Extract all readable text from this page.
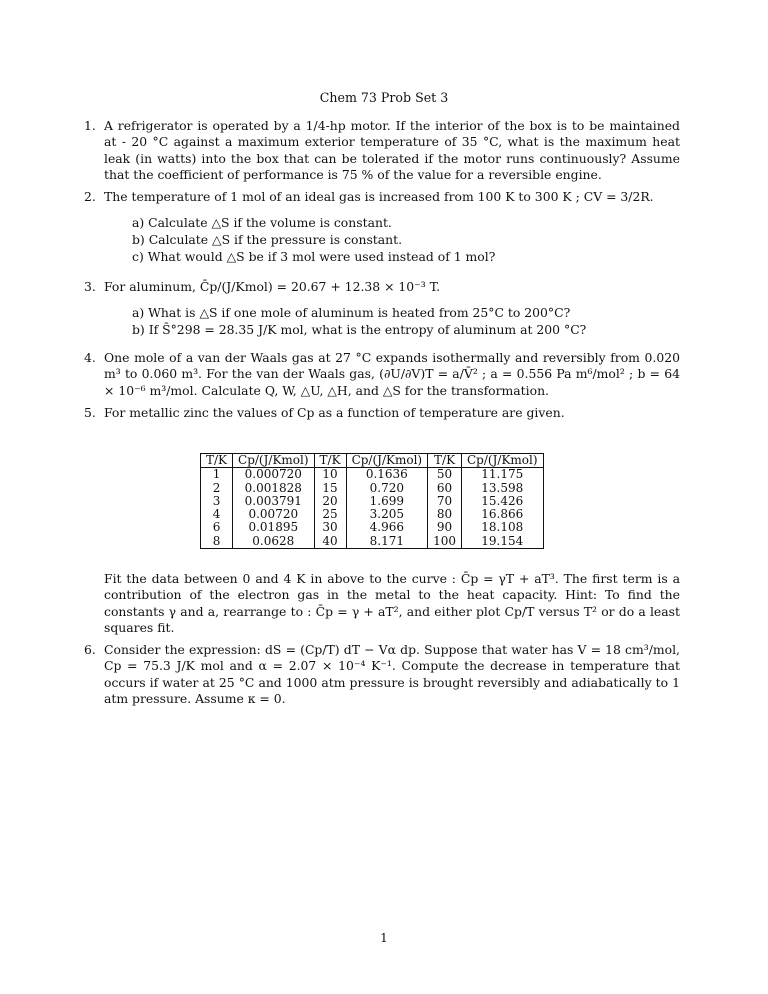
Chem 73 Prob Set 3
1. A refrigerator is operated by a 1/4-hp motor. If the interior of the box is to be maintained at - 20 °C against a maximum exterior temperature of 35 °C, what is the maximum heat leak (in watts) into the box that can be tolerated if the motor runs continuously? Assume that the coefficient of performance is 75 % of the value for a reversible engine.
2. The temperature of 1 mol of an ideal gas is increased from 100 K to 300 K ; CV = 3/2R.
a) Calculate △S if the volume is constant.
b) Calculate △S if the pressure is constant.
c) What would △S be if 3 mol were used instead of 1 mol?
3. For aluminum, C̄p/(J/Kmol) = 20.67 + 12.38 × 10⁻³ T.
a) What is △S if one mole of aluminum is heated from 25°C to 200°C?
b) If S̄°298 = 28.35 J/K mol, what is the entropy of aluminum at 200 °C?
4. One mole of a van der Waals gas at 27 °C expands isothermally and reversibly from 0.020 m³ to 0.060 m³. For the van der Waals gas, (∂U/∂V)T = a/V̄² ; a = 0.556 Pa m⁶/mol² ; b = 64 × 10⁻⁶ m³/mol. Calculate Q, W, △U, △H, and △S for the transformation.
5. For metallic zinc the values of Cp as a function of temperature are given.
T/K	Cp/(J/Kmol)	T/K	Cp/(J/Kmol)	T/K	Cp/(J/Kmol)
1	0.000720	10	0.1636	50	11.175
2	0.001828	15	0.720	60	13.598
3	0.003791	20	1.699	70	15.426
4	0.00720	25	3.205	80	16.866
6	0.01895	30	4.966	90	18.108
8	0.0628	40	8.171	100	19.154
Fit the data between 0 and 4 K in above to the curve : C̄p = γT + aT³. The first term is a contribution of the electron gas in the metal to the heat capacity. Hint: To find the constants γ and a, rearrange to : C̄p = γ + aT², and either plot Cp/T versus T² or do a least squares fit.
6. Consider the expression: dS = (Cp/T) dT − Vα dp. Suppose that water has V = 18 cm³/mol, Cp = 75.3 J/K mol and α = 2.07 × 10⁻⁴ K⁻¹. Compute the decrease in temperature that occurs if water at 25 °C and 1000 atm pressure is brought reversibly and adiabatically to 1 atm pressure. Assume κ = 0.
1
